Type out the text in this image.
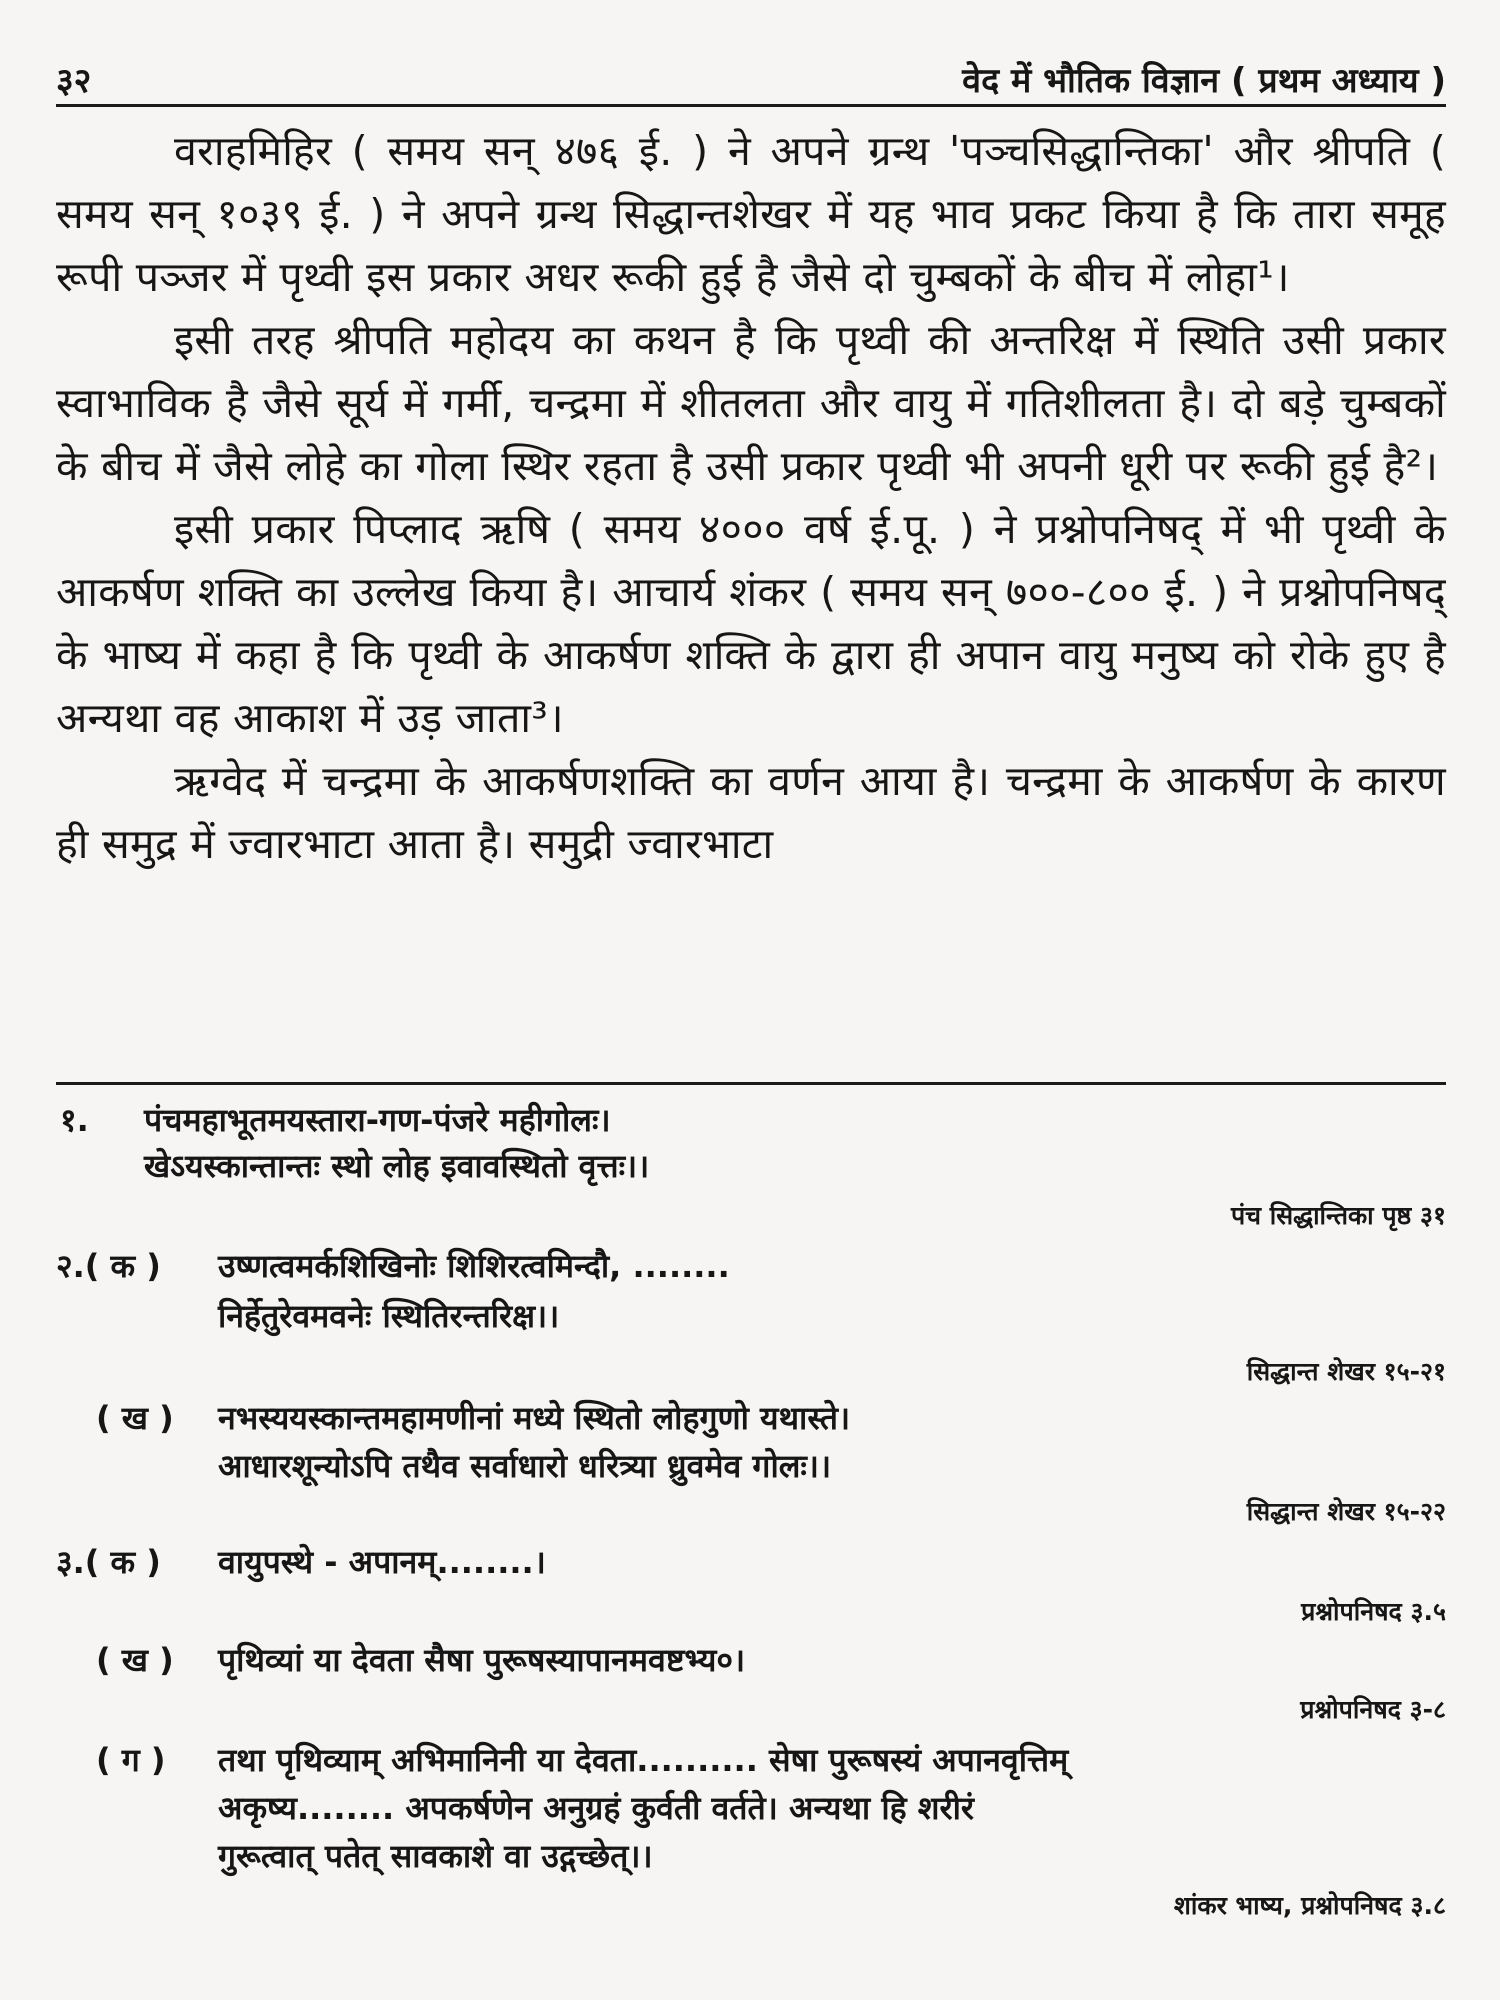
३२	वेद में भौतिक विज्ञान ( प्रथम अध्याय )

वराहमिहिर ( समय सन् ४७६ ई. ) ने अपने ग्रन्थ 'पञ्चसिद्धान्तिका' और श्रीपति ( समय सन् १०३९ ई. ) ने अपने ग्रन्थ सिद्धान्तशेखर में यह भाव प्रकट किया है कि तारा समूह रूपी पञ्जर में पृथ्वी इस प्रकार अधर रूकी हुई है जैसे दो चुम्बकों के बीच में लोहा¹।

इसी तरह श्रीपति महोदय का कथन है कि पृथ्वी की अन्तरिक्ष में स्थिति उसी प्रकार स्वाभाविक है जैसे सूर्य में गर्मी, चन्द्रमा में शीतलता और वायु में गतिशीलता है। दो बड़े चुम्बकों के बीच में जैसे लोहे का गोला स्थिर रहता है उसी प्रकार पृथ्वी भी अपनी धूरी पर रूकी हुई है²।

इसी प्रकार पिप्लाद ऋषि ( समय ४००० वर्ष ई.पू. ) ने प्रश्नोपनिषद् में भी पृथ्वी के आकर्षण शक्ति का उल्लेख किया है। आचार्य शंकर ( समय सन् ७००-८०० ई. ) ने प्रश्नोपनिषद् के भाष्य में कहा है कि पृथ्वी के आकर्षण शक्ति के द्वारा ही अपान वायु मनुष्य को रोके हुए है अन्यथा वह आकाश में उड़ जाता³।

ऋग्वेद में चन्द्रमा के आकर्षणशक्ति का वर्णन आया है। चन्द्रमा के आकर्षण के कारण ही समुद्र में ज्वारभाटा आता है। समुद्री ज्वारभाटा

१. पंचमहाभूतमयस्तारा-गण-पंजरे महीगोलः।
खेऽयस्कान्तान्तः स्थो लोह इवावस्थितो वृत्तः।।
पंच सिद्धान्तिका पृष्ठ ३१
२.( क ) उष्णत्वमर्कशिखिनोः शिशिरत्वमिन्दौ, ........
निर्हेतुरेवमवनेः स्थितिरन्तरिक्ष।।
सिद्धान्त शेखर १५-२१
( ख ) नभस्ययस्कान्तमहामणीनां मध्ये स्थितो लोहगुणो यथास्ते।
आधारशून्योऽपि तथैव सर्वाधारो धरित्र्या ध्रुवमेव गोलः।।
सिद्धान्त शेखर १५-२२
३.( क ) वायुपस्थे - अपानम्........।
प्रश्नोपनिषद ३.५
( ख ) पृथिव्यां या देवता सैषा पुरूषस्यापानमवष्टभ्य०।
प्रश्नोपनिषद ३-८
( ग ) तथा पृथिव्याम् अभिमानिनी या देवता.......... सेषा पुरूषस्यं अपानवृत्तिम्
अकृष्य........ अपकर्षणेन अनुग्रहं कुर्वती वर्तते। अन्यथा हि शरीरं
गुरूत्वात् पतेत् सावकाशे वा उद्गच्छेत्।।
शांकर भाष्य, प्रश्नोपनिषद ३.८
